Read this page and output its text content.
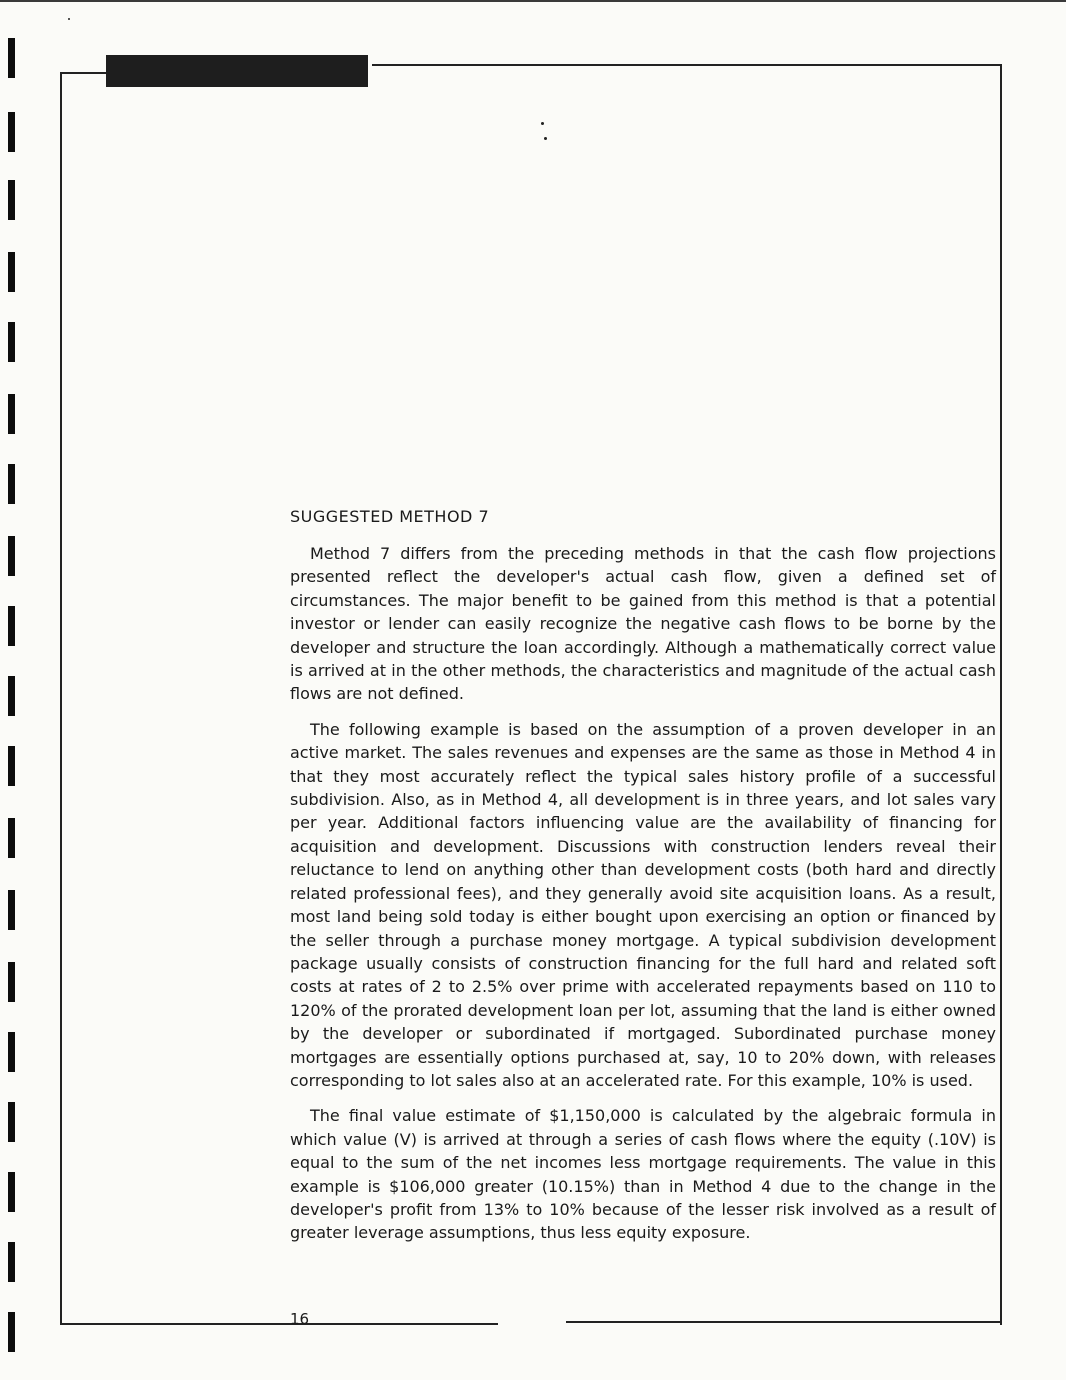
SUGGESTED METHOD 7

Method 7 differs from the preceding methods in that the cash flow projections presented reflect the developer's actual cash flow, given a defined set of circumstances. The major benefit to be gained from this method is that a potential investor or lender can easily recognize the negative cash flows to be borne by the developer and structure the loan accordingly. Although a mathematically correct value is arrived at in the other methods, the characteristics and magnitude of the actual cash flows are not defined.

The following example is based on the assumption of a proven developer in an active market. The sales revenues and expenses are the same as those in Method 4 in that they most accurately reflect the typical sales history profile of a successful subdivision. Also, as in Method 4, all development is in three years, and lot sales vary per year. Additional factors influencing value are the availability of financing for acquisition and development. Discussions with construction lenders reveal their reluctance to lend on anything other than development costs (both hard and directly related professional fees), and they generally avoid site acquisition loans. As a result, most land being sold today is either bought upon exercising an option or financed by the seller through a purchase money mortgage. A typical subdivision development package usually consists of construction financing for the full hard and related soft costs at rates of 2 to 2.5% over prime with accelerated repayments based on 110 to 120% of the prorated development loan per lot, assuming that the land is either owned by the developer or subordinated if mortgaged. Subordinated purchase money mortgages are essentially options purchased at, say, 10 to 20% down, with releases corresponding to lot sales also at an accelerated rate. For this example, 10% is used.

The final value estimate of $1,150,000 is calculated by the algebraic formula in which value (V) is arrived at through a series of cash flows where the equity (.10V) is equal to the sum of the net incomes less mortgage requirements. The value in this example is $106,000 greater (10.15%) than in Method 4 due to the change in the developer's profit from 13% to 10% because of the lesser risk involved as a result of greater leverage assumptions, thus less equity exposure.

16
